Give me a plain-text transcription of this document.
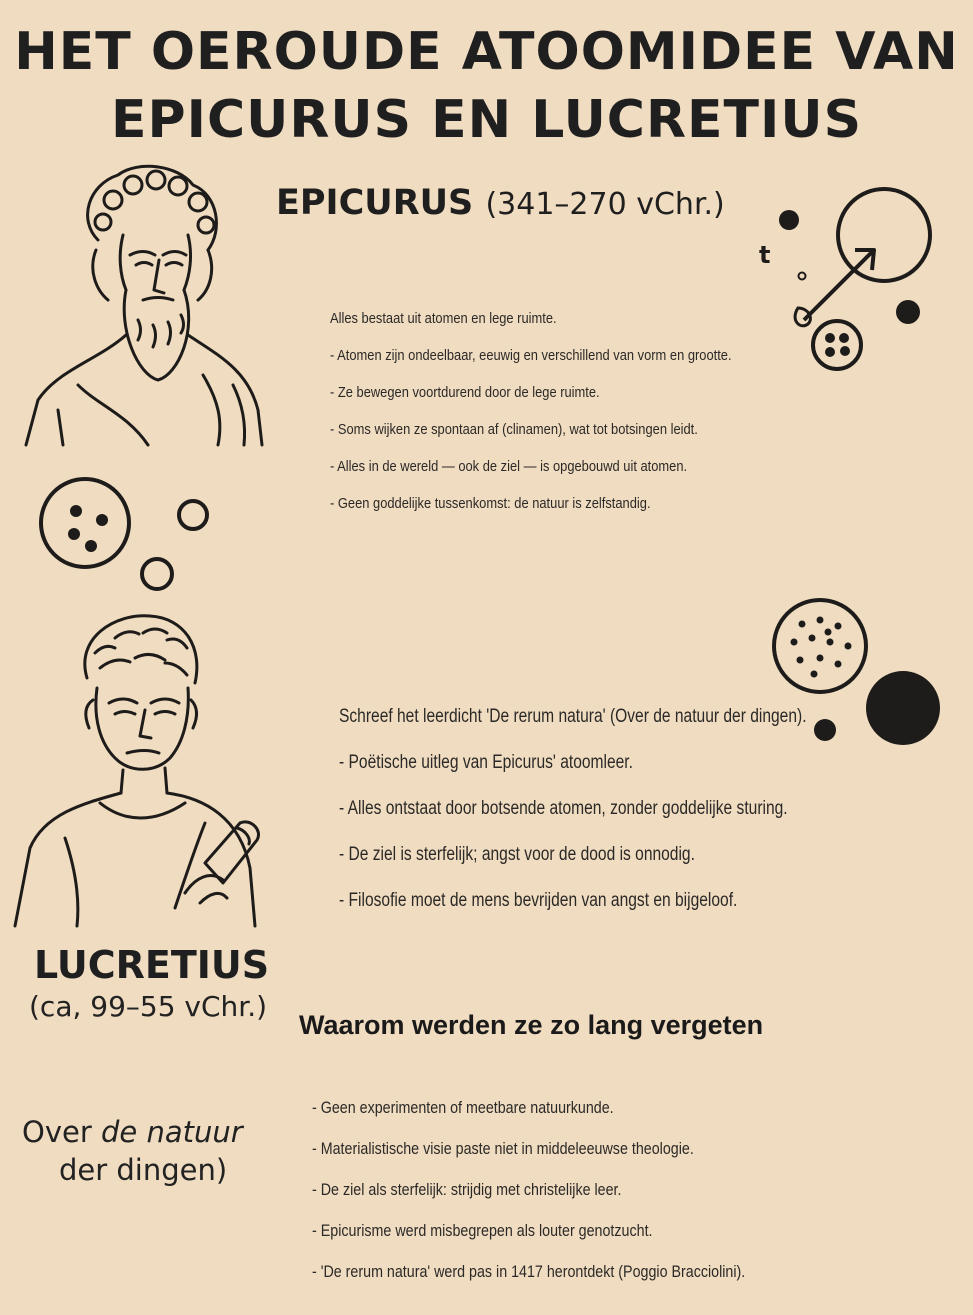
HET OEROUDE ATOOMIDEE VAN
EPICURUS EN LUCRETIUS
EPICURUS (341–270 vChr.)
t
Alles bestaat uit atomen en lege ruimte.
- Atomen zijn ondeelbaar, eeuwig en verschillend van vorm en grootte.
- Ze bewegen voortdurend door de lege ruimte.
- Soms wijken ze spontaan af (clinamen), wat tot botsingen leidt.
- Alles in de wereld — ook de ziel — is opgebouwd uit atomen.
- Geen goddelijke tussenkomst: de natuur is zelfstandig.
Schreef het leerdicht 'De rerum natura' (Over de natuur der dingen).
- Poëtische uitleg van Epicurus' atoomleer.
- Alles ontstaat door botsende atomen, zonder goddelijke sturing.
- De ziel is sterfelijk; angst voor de dood is onnodig.
- Filosofie moet de mens bevrijden van angst en bijgeloof.
LUCRETIUS
(ca, 99–55 vChr.)
Waarom werden ze zo lang vergeten
Over de natuur
der dingen)
- Geen experimenten of meetbare natuurkunde.
- Materialistische visie paste niet in middeleeuwse theologie.
- De ziel als sterfelijk: strijdig met christelijke leer.
- Epicurisme werd misbegrepen als louter genotzucht.
- 'De rerum natura' werd pas in 1417 herontdekt (Poggio Bracciolini).
